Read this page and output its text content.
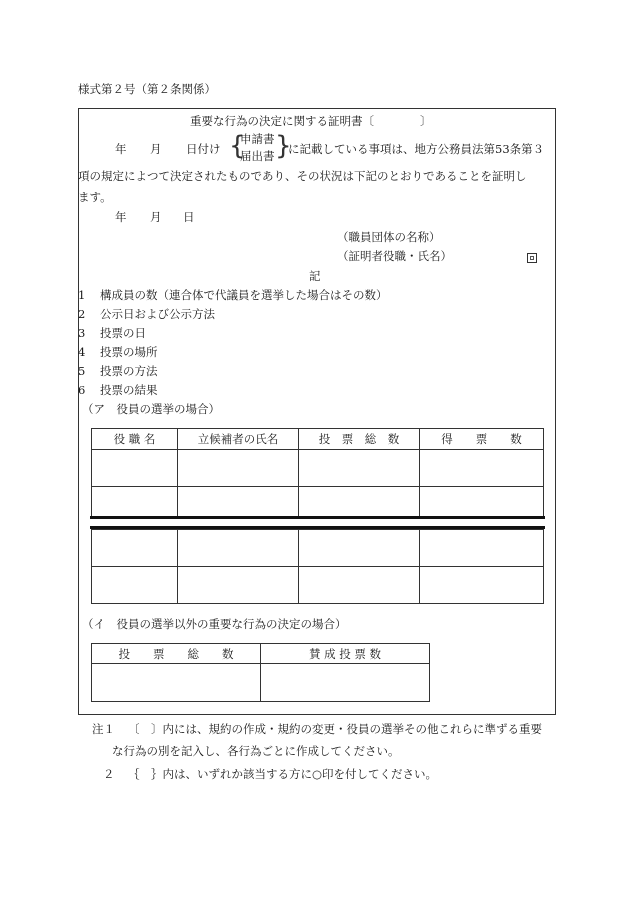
様式第２号（第２条関係）
重要な行為の決定に関する証明書〔　　　　〕
年 月 日付け {
申請書
届出書 }
に記載している事項は、地方公務員法第53条第３
項の規定によつて決定されたものであり、その状況は下記のとおりであることを証明し
ます。
年 月 日
（職員団体の名称）
（証明者役職・氏名）
記
1 構成員の数（連合体で代議員を選挙した場合はその数）
2 公示日および公示方法
3 投票の日
4 投票の場所
5 投票の方法
6 投票の結果
（ア　役員の選挙の場合）
役 職 名	立候補者の氏名	投　票　総　数	得　　票　　数

（イ　役員の選挙以外の重要な行為の決定の場合）
投　　票　　総　　数	賛 成 投 票 数

注１ 〔　〕内には、規約の作成・規約の変更・役員の選挙その他これらに準ずる重要
な行為の別を記入し、各行為ごとに作成してください。
２ ｛　｝内は、いずれか該当する方に○印を付してください。
